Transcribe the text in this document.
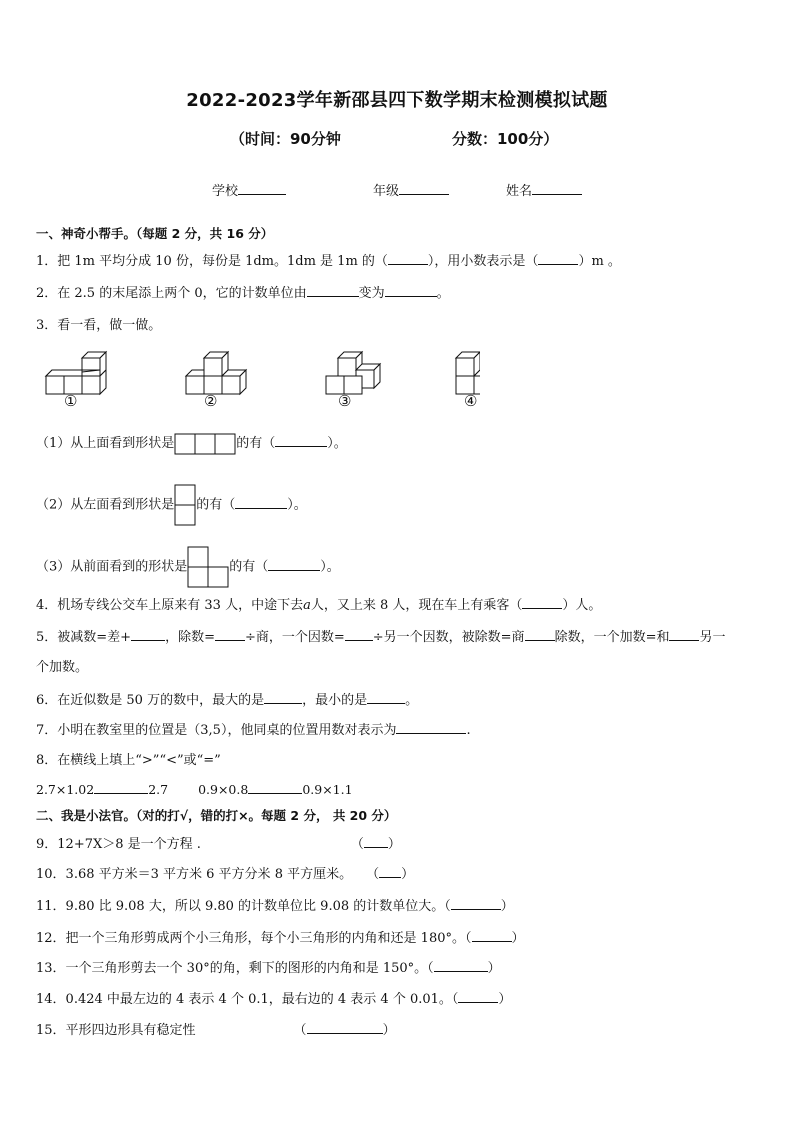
2022-2023学年新邵县四下数学期末检测模拟试题
（时间：90分钟	分数：100分）
学校	年级	姓名
一、神奇小帮手。（每题 2 分，共 16 分）
1．把 1m 平均分成 10 份，每份是 1dm。1dm 是 1m 的（	），用小数表示是（	）m 。
2．在 2.5 的末尾添上两个 0，它的计数单位由	变为	。
3．看一看，做一做。
①	②	③	④
（1）从上面看到形状是	的有（	）。
（2）从左面看到形状是 的有（	）。
（3）从前面看到的形状是	的有（	）。
4．机场专线公交车上原来有 33 人，中途下去a人，又上来 8 人，现在车上有乘客（	）人。
5．被减数=差+	，除数= ÷商，一个因数= ÷另一个因数，被除数=商 除数，一个加数=和 另一
个加数。
6．在近似数是 50 万的数中，最大的是	，最小的是	。
7．小明在教室里的位置是（3,5），他同桌的位置用数对表示为	.
8．在横线上填上“>”“<”或“=”
2.7×1.02	2.7 0.9×0.8	0.9×1.1
二、我是小法官。（对的打√，错的打×。每题 2 分， 共 20 分）
9．12+7X＞8 是一个方程 .	（ ）
10．3.68 平方米＝3 平方米 6 平方分米 8 平方厘米。 （ ）
11．9.80 比 9.08 大，所以 9.80 的计数单位比 9.08 的计数单位大。（	）
12．把一个三角形剪成两个小三角形，每个小三角形的内角和还是 180°。（	）
13．一个三角形剪去一个 30°的角，剩下的图形的内角和是 150°。（	）
14．0.424 中最左边的 4 表示 4 个 0.1，最右边的 4 表示 4 个 0.01。（	）
15．平形四边形具有稳定性	（	）
